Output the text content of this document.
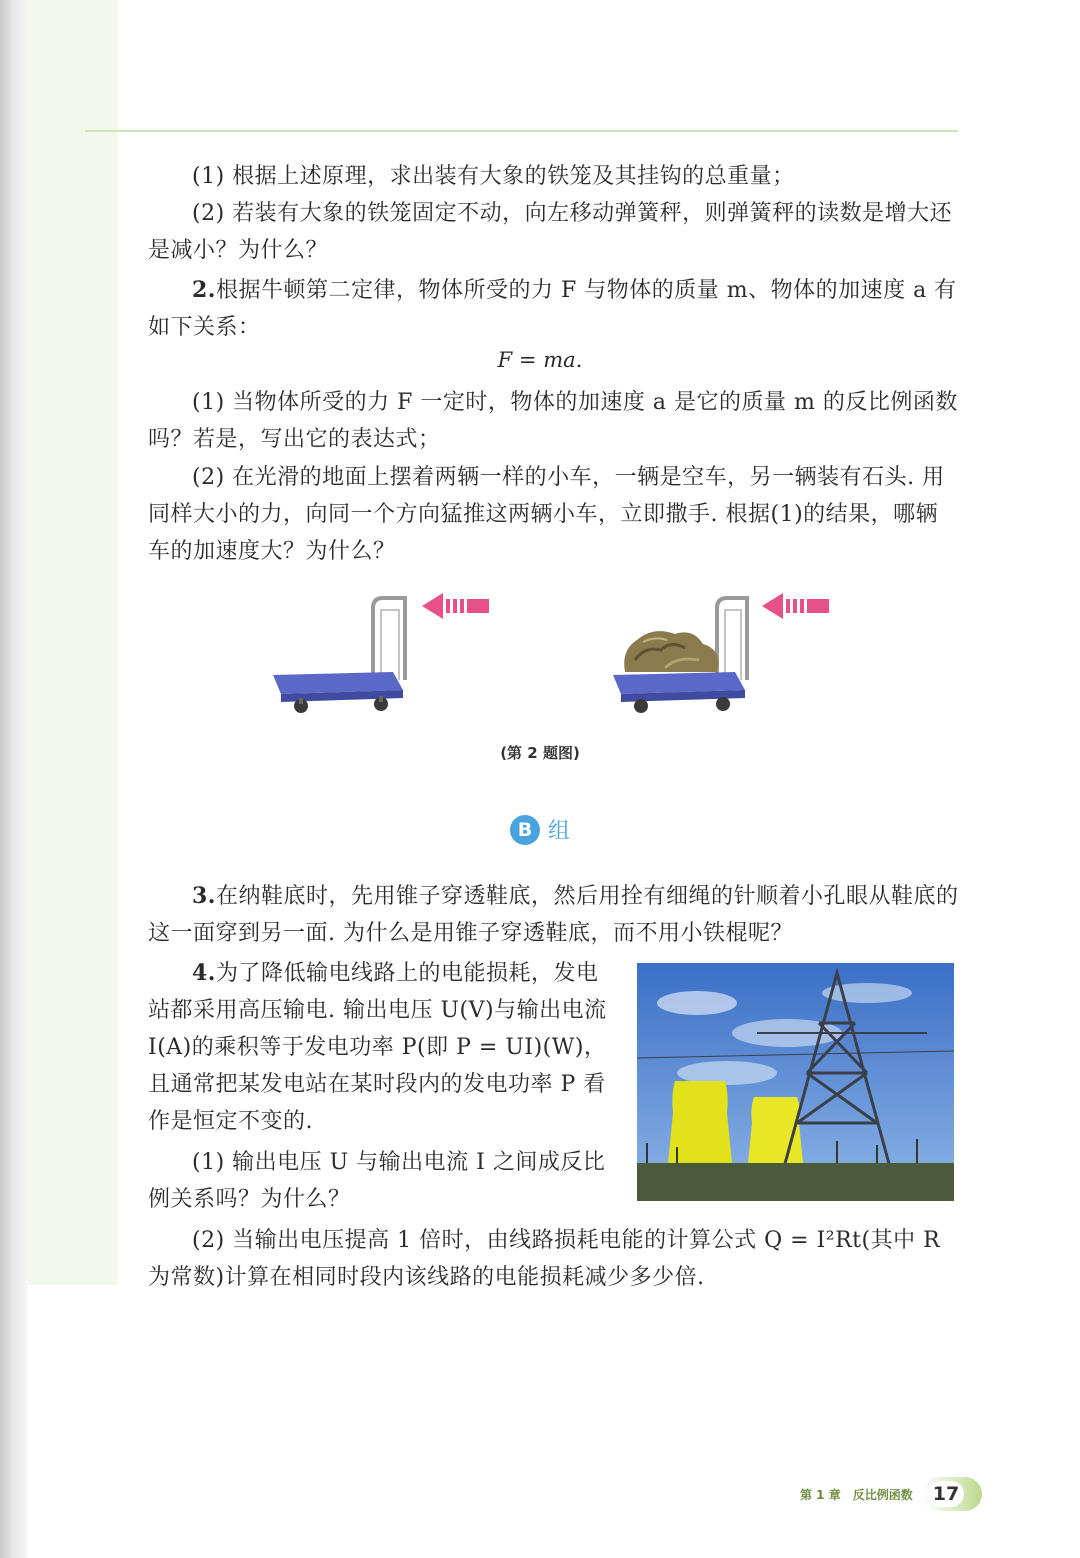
(1) 根据上述原理，求出装有大象的铁笼及其挂钩的总重量；

(2) 若装有大象的铁笼固定不动，向左移动弹簧秤，则弹簧秤的读数是增大还是减小？为什么？

2.根据牛顿第二定律，物体所受的力 F 与物体的质量 m、物体的加速度 a 有如下关系：

F = ma.

(1) 当物体所受的力 F 一定时，物体的加速度 a 是它的质量 m 的反比例函数吗？若是，写出它的表达式；

(2) 在光滑的地面上摆着两辆一样的小车，一辆是空车，另一辆装有石头. 用同样大小的力，向同一个方向猛推这两辆小车，立即撒手. 根据(1)的结果，哪辆车的加速度大？为什么？

(第 2 题图)
B 组

3.在纳鞋底时，先用锥子穿透鞋底，然后用拴有细绳的针顺着小孔眼从鞋底的这一面穿到另一面. 为什么是用锥子穿透鞋底，而不用小铁棍呢？

4.为了降低输电线路上的电能损耗，发电站都采用高压输电. 输出电压 U(V)与输出电流 I(A)的乘积等于发电功率 P(即 P = UI)(W)，且通常把某发电站在某时段内的发电功率 P 看作是恒定不变的.

(1) 输出电压 U 与输出电流 I 之间成反比例关系吗？为什么？

(2) 当输出电压提高 1 倍时，由线路损耗电能的计算公式 Q = I²Rt(其中 R 为常数)计算在相同时段内该线路的电能损耗减少多少倍.

第 1 章　反比例函数 17
